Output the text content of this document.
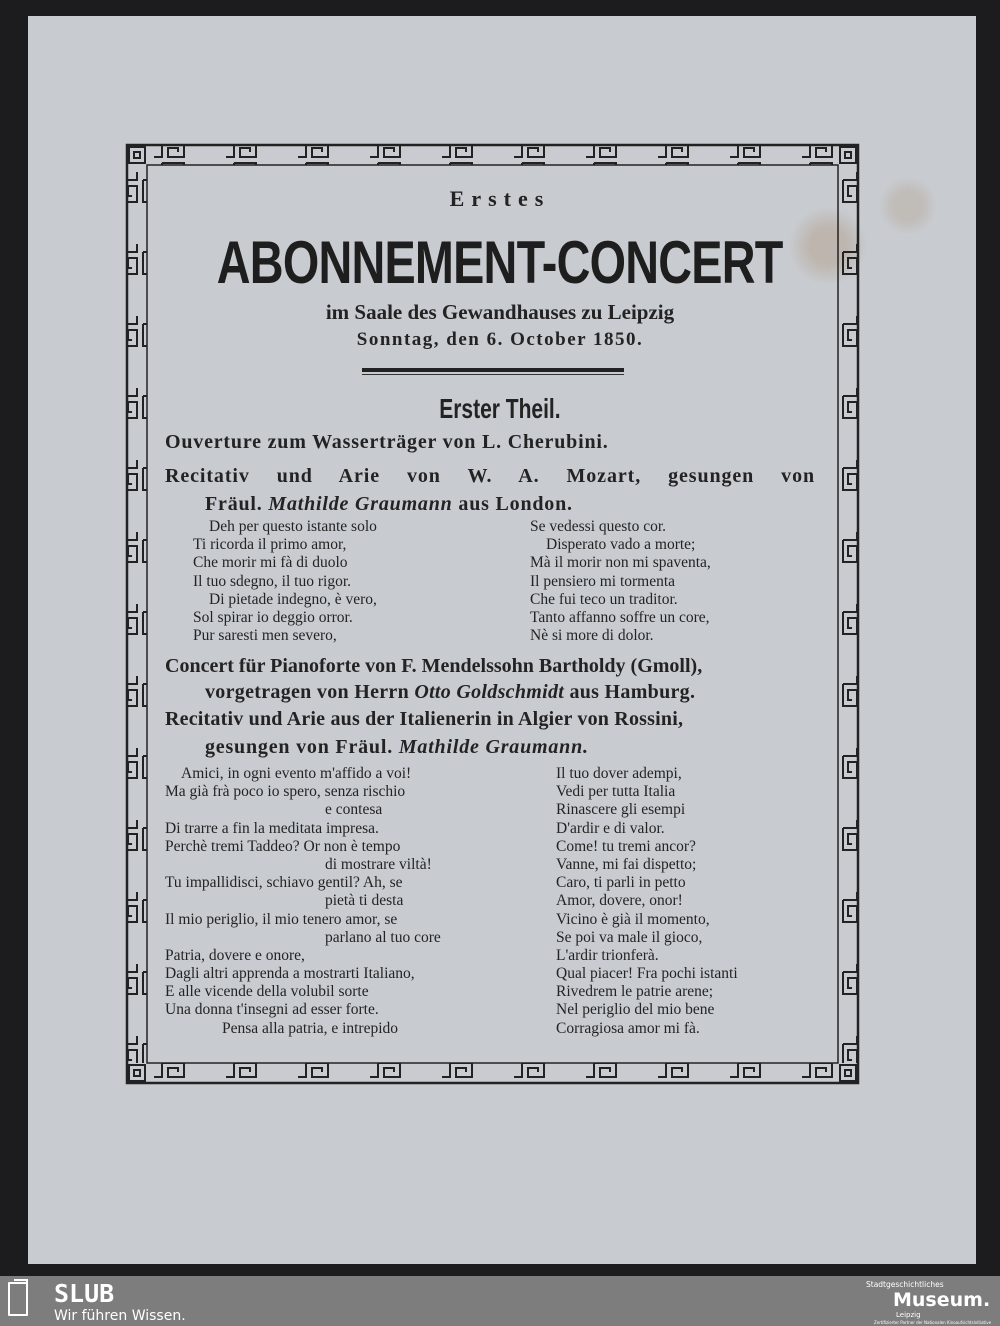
Erstes
ABONNEMENT-CONCERT
im Saale des Gewandhauses zu Leipzig
Sonntag, den 6. October 1850.
Erster Theil.
Ouverture zum Wasserträger von L. Cherubini.
Recitativ und Arie von W. A. Mozart, gesungen von
Fräul. Mathilde Graumann aus London.
Deh per questo istante solo
Ti ricorda il primo amor,
Che morir mi fà di duolo
Il tuo sdegno, il tuo rigor.
Di pietade indegno, è vero,
Sol spirar io deggio orror.
Pur saresti men severo,
Se vedessi questo cor.
Disperato vado a morte;
Mà il morir non mi spaventa,
Il pensiero mi tormenta
Che fui teco un traditor.
Tanto affanno soffre un core,
Nè si more di dolor.
Concert für Pianoforte von F. Mendelssohn Bartholdy (Gmoll),
vorgetragen von Herrn Otto Goldschmidt aus Hamburg.
Recitativ und Arie aus der Italienerin in Algier von Rossini,
gesungen von Fräul. Mathilde Graumann.
Amici, in ogni evento m'affido a voi!
Ma già frà poco io spero, senza rischio
e contesa
Di trarre a fin la meditata impresa.
Perchè tremi Taddeo? Or non è tempo
di mostrare viltà!
Tu impallidisci, schiavo gentil? Ah, se
pietà ti desta
Il mio periglio, il mio tenero amor, se
parlano al tuo core
Patria, dovere e onore,
Dagli altri apprenda a mostrarti Italiano,
E alle vicende della volubil sorte
Una donna t'insegni ad esser forte.
Pensa alla patria, e intrepido
Il tuo dover adempi,
Vedi per tutta Italia
Rinascere gli esempi
D'ardir e di valor.
Come! tu tremi ancor?
Vanne, mi fai dispetto;
Caro, ti parli in petto
Amor, dovere, onor!
Vicino è già il momento,
Se poi va male il gioco,
L'ardir trionferà.
Qual piacer! Fra pochi istanti
Rivedrem le patrie arene;
Nel periglio del mio bene
Corragiosa amor mi fà.
SLUB
Wir führen Wissen.
Stadtgeschichtliches
Museum.
Leipzig
Zertifizierter Partner der Nationalen Kinoaufsichtsinitiative
